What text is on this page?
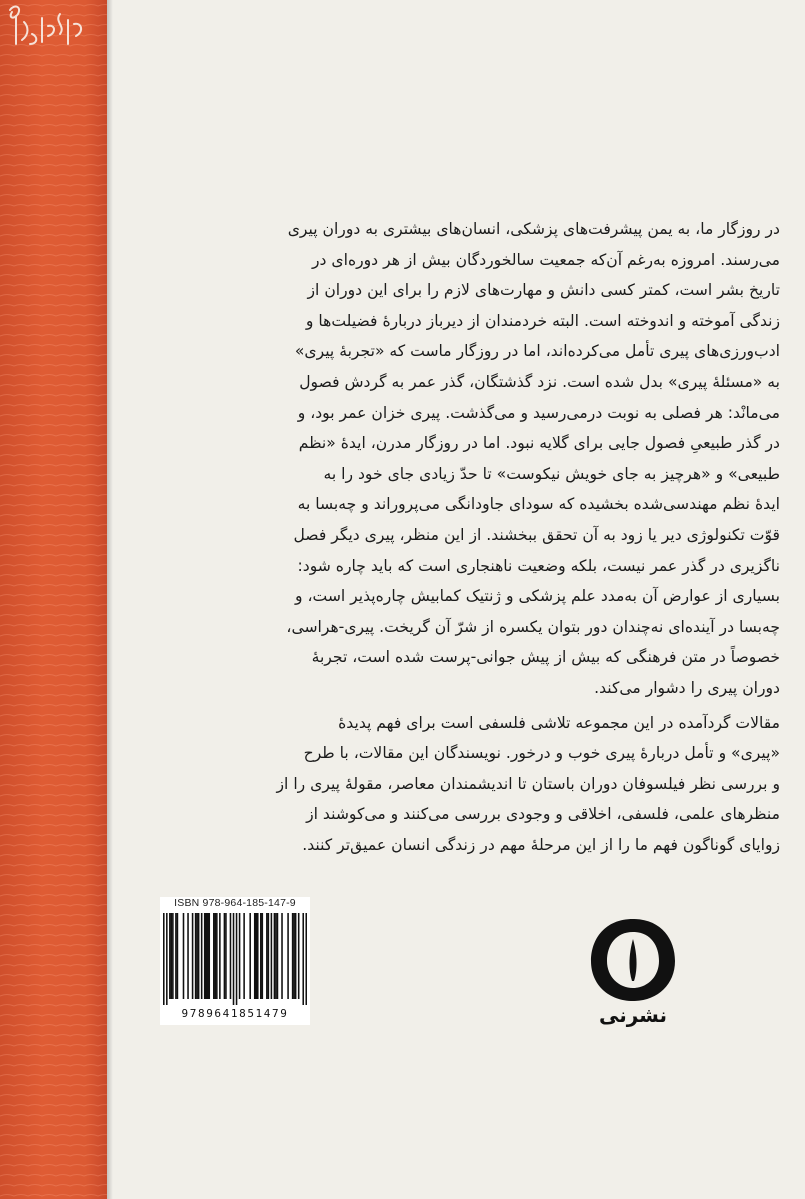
در روزگار ما، به یمن پیشرفت‌های پزشکی، انسان‌های بیشتری به دوران پیری
می‌رسند. امروزه به‌رغم آن‌که جمعیت سالخوردگان بیش از هر دوره‌ای در
تاریخ بشر است، کمتر کسی دانش و مهارت‌های لازم را برای این دوران از
زندگی آموخته و اندوخته است. البته خردمندان از دیرباز دربارهٔ فضیلت‌ها و
ادب‌ورزی‌های پیری تأمل می‌کرده‌اند، اما در روزگار ماست که «تجربهٔ پیری»
به «مسئلهٔ پیری» بدل شده است. نزد گذشتگان، گذر عمر به گردش فصول
می‌مانْد: هر فصلی به نوبت درمی‌رسید و می‌گذشت. پیری خزان عمر بود، و
در گذر طبیعیِ فصول جایی برای گلایه نبود. اما در روزگار مدرن، ایدهٔ «نظم
طبیعی» و «هرچیز به جای خویش نیکوست» تا حدّ زیادی جای خود را به
ایدهٔ نظم مهندسی‌شده بخشیده که سودای جاودانگی می‌پروراند و چه‌بسا به
قوّت تکنولوژی دیر یا زود به آن تحقق ببخشند. از این منظر، پیری دیگر فصل
ناگزیری در گذر عمر نیست، بلکه وضعیت ناهنجاری است که باید چاره شود:
بسیاری از عوارض آن به‌مدد علم پزشکی و ژنتیک کمابیش چاره‌پذیر است، و
چه‌بسا در آینده‌ای نه‌چندان دور بتوان یکسره از شرّ آن گریخت. پیری-هراسی،
خصوصاً در متن فرهنگی که بیش از پیش جوانی-پرست شده است، تجربهٔ
دوران پیری را دشوار می‌کند.

مقالات گردآمده در این مجموعه تلاشی فلسفی است برای فهم پدیدهٔ
«پیری» و تأمل دربارهٔ پیری خوب و درخور. نویسندگان این مقالات، با طرح
و بررسی نظر فیلسوفان دوران باستان تا اندیشمندان معاصر، مقولهٔ پیری را از
منظرهای علمی، فلسفی، اخلاقی و وجودی بررسی می‌کنند و می‌کوشند از
زوایای گوناگون فهم ما را از این مرحلهٔ مهم در زندگی انسان عمیق‌تر کنند.

ISBN 978-964-185-147-9
9789641851479	نشرنی
